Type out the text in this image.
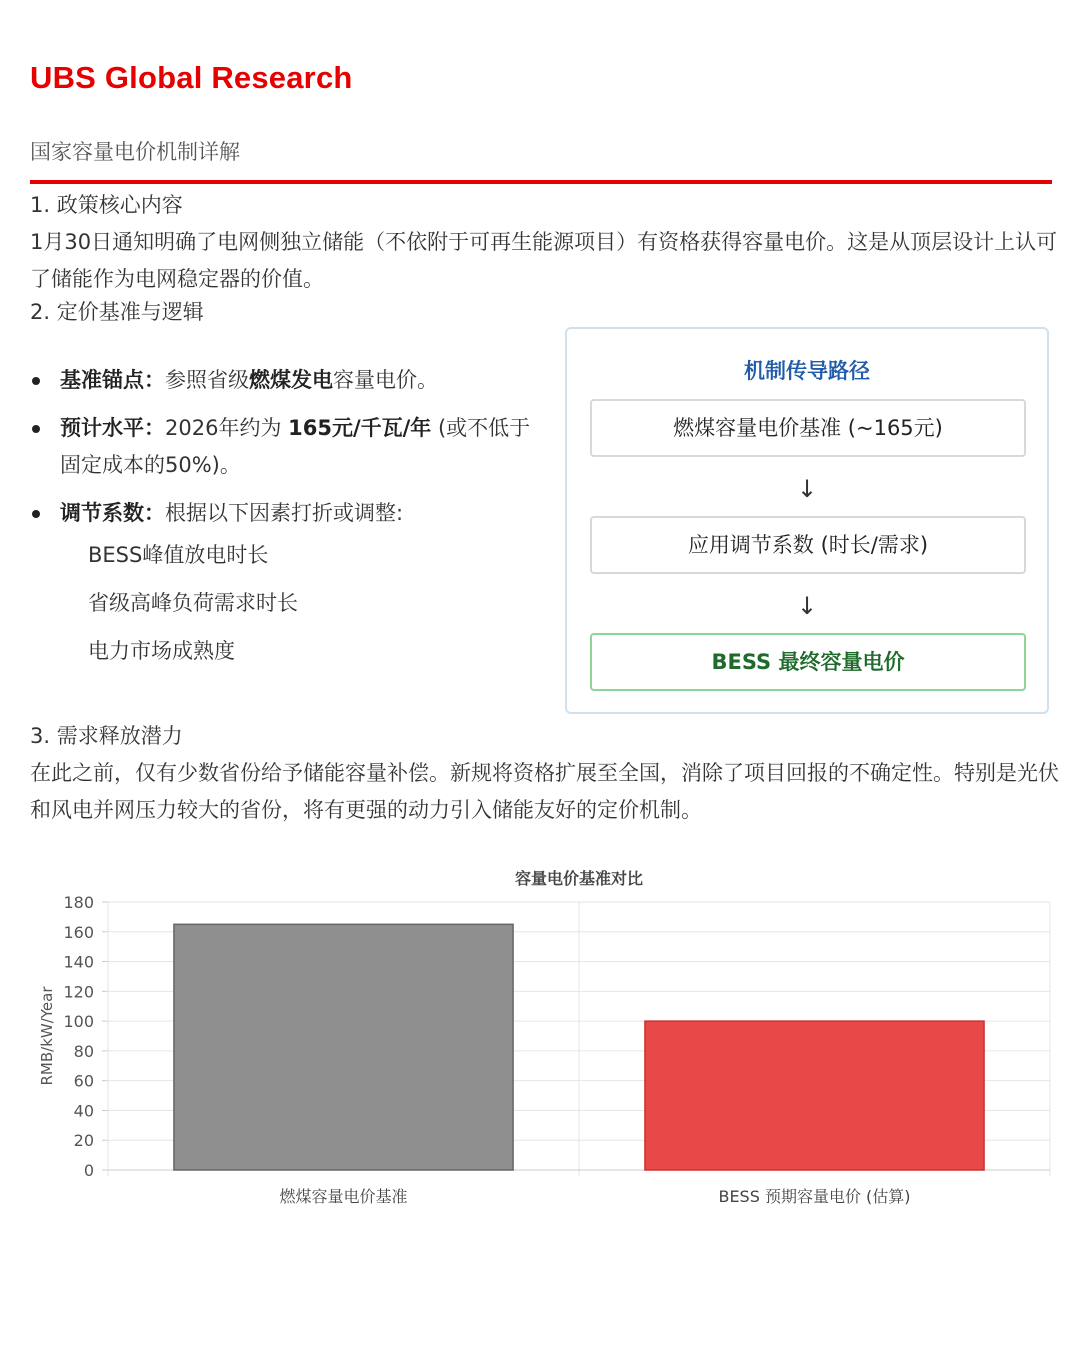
UBS Global Research
国家容量电价机制详解
1. 政策核心内容
1月30日通知明确了电网侧独立储能（不依附于可再生能源项目）有资格获得容量电价。这是从顶层设计上认可了储能作为电网稳定器的价值。
2. 定价基准与逻辑
基准锚点：参照省级燃煤发电容量电价。
预计水平：2026年约为 165元/千瓦/年 (或不低于固定成本的50%)。
调节系数：根据以下因素打折或调整:
BESS峰值放电时长
省级高峰负荷需求时长
电力市场成熟度
机制传导路径
燃煤容量电价基准 (~165元)
↓
应用调节系数 (时长/需求)
↓
BESS 最终容量电价
3. 需求释放潜力
在此之前，仅有少数省份给予储能容量补偿。新规将资格扩展至全国，消除了项目回报的不确定性。特别是光伏和风电并网压力较大的省份，将有更强的动力引入储能友好的定价机制。
容量电价基准对比
0
20
40
60
80
100
120
140
160
180
燃煤容量电价基准	BESS 预期容量电价 (估算)
RMB/kW/Year
